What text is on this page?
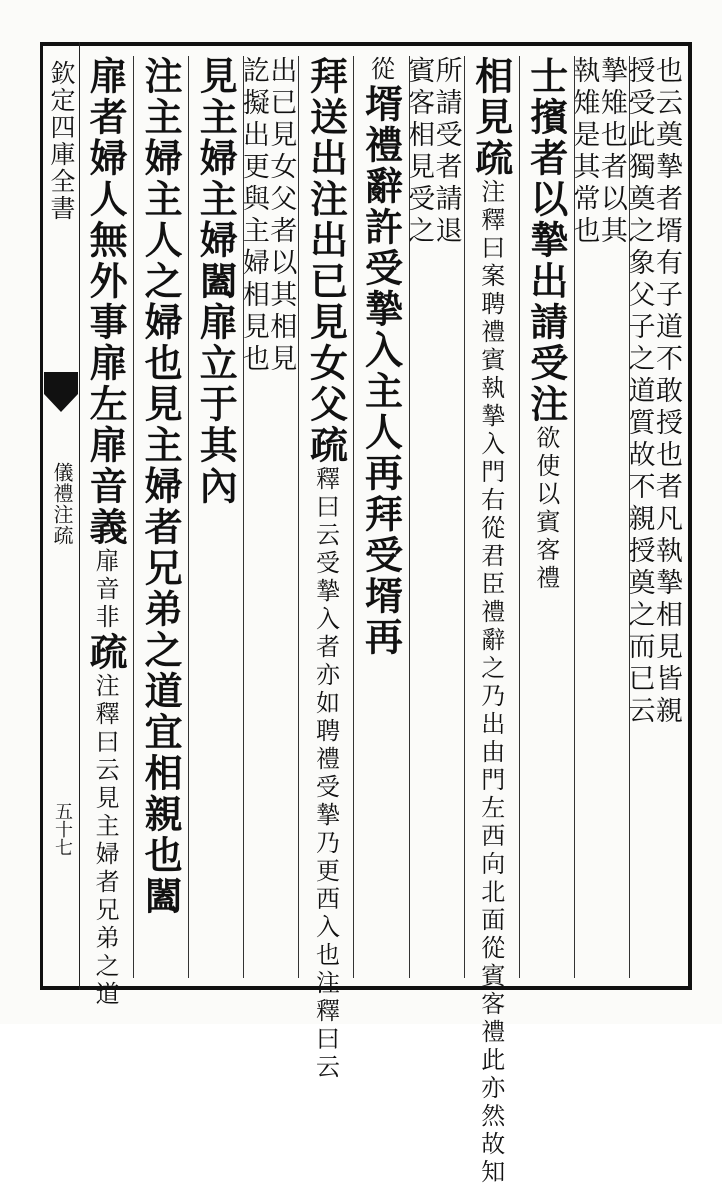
欽定四庫全書
儀禮注疏
五十七
也云奠摯者壻有子道不敢授也者凡執摯相見皆親
授受此獨奠之象父子之道質故不親授奠之而已云
摯雉也者以其
執雉是其常也
士擯者以摯出請受注欲使以賓客禮
相見疏注釋曰案聘禮賓執摯入門右從君臣禮辭之乃出由門左西向北面從賓客禮此亦然故知
所請受者請退
賓客相見受之
從壻禮辭許受摯入主人再拜受壻再
拜送出注出已見女父疏釋曰云受摯入者亦如聘禮受摯乃更西入也注釋曰云
出已見女父者以其相見
訖擬出更與主婦相見也
見主婦主婦闔扉立于其內
注主婦主人之婦也見主婦者兄弟之道宜相親也闔
扉者婦人無外事扉左扉音義扉音非疏注釋曰云見主婦者兄弟之道
